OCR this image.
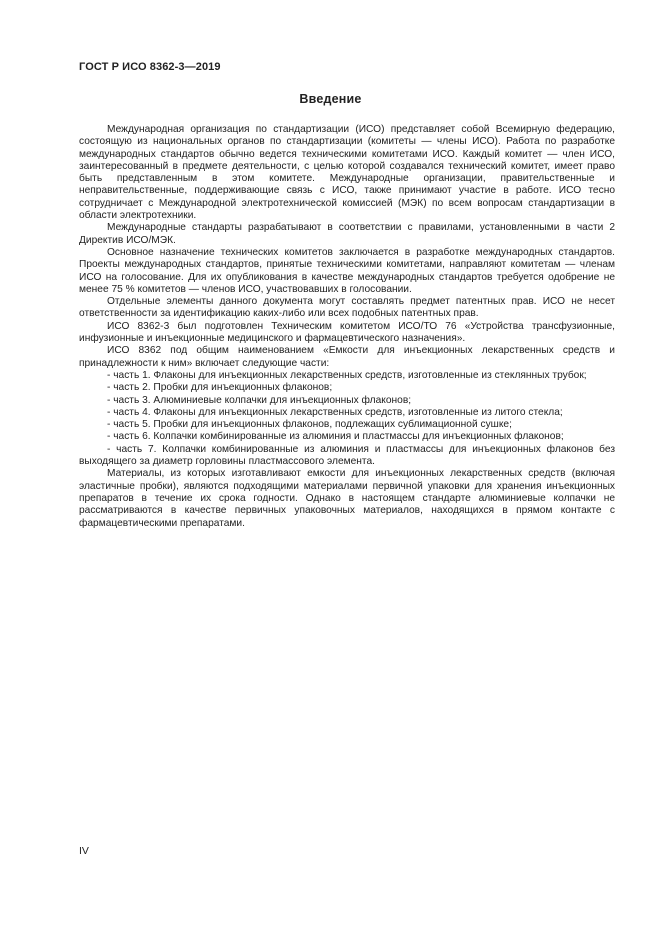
ГОСТ Р ИСО 8362-3—2019
Введение

Международная организация по стандартизации (ИСО) представляет собой Всемирную федерацию, состоящую из национальных органов по стандартизации (комитеты — члены ИСО). Работа по разработке международных стандартов обычно ведется техническими комитетами ИСО. Каждый комитет — член ИСО, заинтересованный в предмете деятельности, с целью которой создавался технический комитет, имеет право быть представленным в этом комитете. Международные организации, правительственные и неправительственные, поддерживающие связь с ИСО, также принимают участие в работе. ИСО тесно сотрудничает с Международной электротехнической комиссией (МЭК) по всем вопросам стандартизации в области электротехники.

Международные стандарты разрабатывают в соответствии с правилами, установленными в части 2 Директив ИСО/МЭК.

Основное назначение технических комитетов заключается в разработке международных стандартов. Проекты международных стандартов, принятые техническими комитетами, направляют комитетам — членам ИСО на голосование. Для их опубликования в качестве международных стандартов требуется одобрение не менее 75 % комитетов — членов ИСО, участвовавших в голосовании.

Отдельные элементы данного документа могут составлять предмет патентных прав. ИСО не несет ответственности за идентификацию каких-либо или всех подобных патентных прав.

ИСО 8362-3 был подготовлен Техническим комитетом ИСО/ТО 76 «Устройства трансфузионные, инфузионные и инъекционные медицинского и фармацевтического назначения».

ИСО 8362 под общим наименованием «Емкости для инъекционных лекарственных средств и принадлежности к ним» включает следующие части:

- часть 1. Флаконы для инъекционных лекарственных средств, изготовленные из стеклянных трубок;

- часть 2. Пробки для инъекционных флаконов;

- часть 3. Алюминиевые колпачки для инъекционных флаконов;

- часть 4. Флаконы для инъекционных лекарственных средств, изготовленные из литого стекла;

- часть 5. Пробки для инъекционных флаконов, подлежащих сублимационной сушке;

- часть 6. Колпачки комбинированные из алюминия и пластмассы для инъекционных флаконов;

- часть 7. Колпачки комбинированные из алюминия и пластмассы для инъекционных флаконов без выходящего за диаметр горловины пластмассового элемента.

Материалы, из которых изготавливают емкости для инъекционных лекарственных средств (включая эластичные пробки), являются подходящими материалами первичной упаковки для хранения инъекционных препаратов в течение их срока годности. Однако в настоящем стандарте алюминиевые колпачки не рассматриваются в качестве первичных упаковочных материалов, находящихся в прямом контакте с фармацевтическими препаратами.

IV
